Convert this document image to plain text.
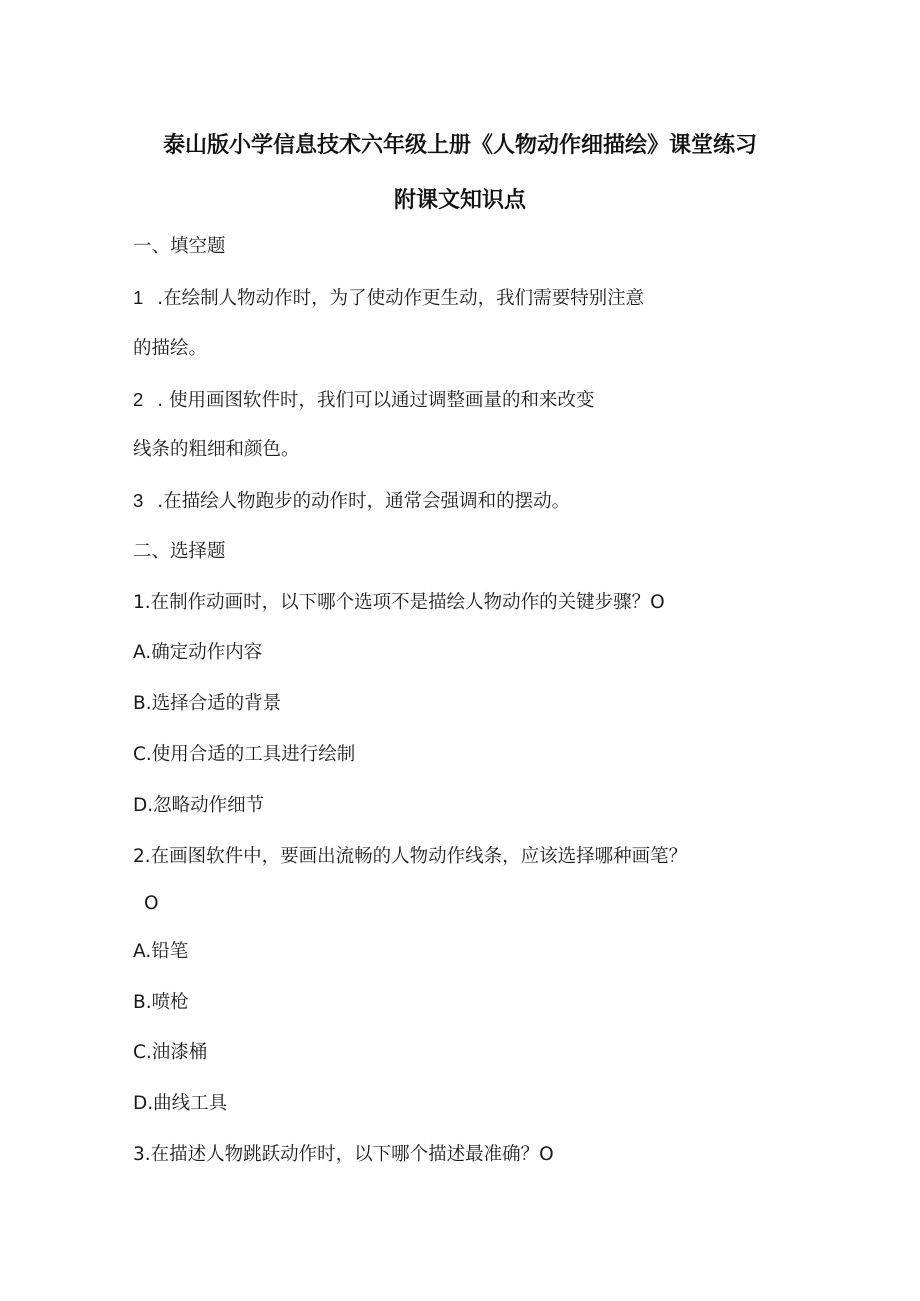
泰山版小学信息技术六年级上册《人物动作细描绘》课堂练习
附课文知识点
一、填空题
1 .在绘制人物动作时，为了使动作更生动，我们需要特别注意
的描绘。
2 . 使用画图软件时，我们可以通过调整画量的和来改变
线条的粗细和颜色。
3 .在描绘人物跑步的动作时，通常会强调和的摆动。
二、选择题
1.在制作动画时，以下哪个选项不是描绘人物动作的关键步骤？O
A.确定动作内容
B.选择合适的背景
C.使用合适的工具进行绘制
D.忽略动作细节
2.在画图软件中，要画出流畅的人物动作线条，应该选择哪种画笔？
O
A.铅笔
B.喷枪
C.油漆桶
D.曲线工具
3.在描述人物跳跃动作时，以下哪个描述最准确？O
